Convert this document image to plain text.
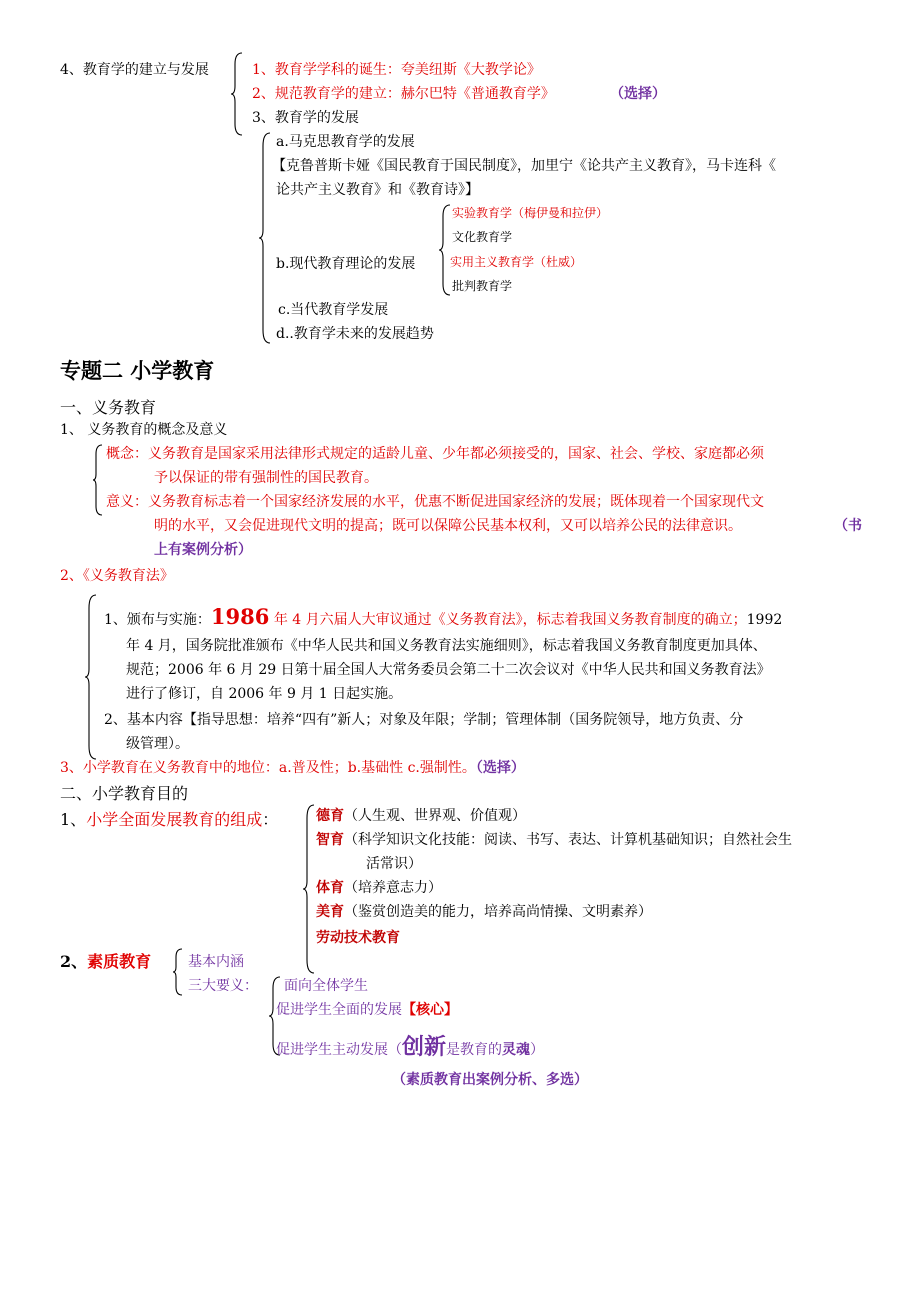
4、教育学的建立与发展	1、教育学学科的诞生：夸美纽斯《大教学论》
2、规范教育学的建立：赫尔巴特《普通教育学》	（选择）
3、教育学的发展
a.马克思教育学的发展
【克鲁普斯卡娅《国民教育于国民制度》，加里宁《论共产主义教育》，马卡连科《
论共产主义教育》和《教育诗》】
b.现代教育理论的发展
实验教育学（梅伊曼和拉伊）
文化教育学
实用主义教育学（杜威）
批判教育学
c.当代教育学发展
d..教育学未来的发展趋势
专题二 小学教育
一、义务教育
1、 义务教育的概念及意义
概念：义务教育是国家采用法律形式规定的适龄儿童、少年都必须接受的，国家、社会、学校、家庭都必须
予以保证的带有强制性的国民教育。
意义：义务教育标志着一个国家经济发展的水平，优惠不断促进国家经济的发展；既体现着一个国家现代文
明的水平，又会促进现代文明的提高；既可以保障公民基本权利，又可以培养公民的法律意识。	（书
上有案例分析）
2、《义务教育法》
1、颁布与实施：1986 年 4 月六届人大审议通过《义务教育法》，标志着我国义务教育制度的确立；1992
年 4 月，国务院批准颁布《中华人民共和国义务教育法实施细则》，标志着我国义务教育制度更加具体、
规范；2006 年 6 月 29 日第十届全国人大常务委员会第二十二次会议对《中华人民共和国义务教育法》
进行了修订，自 2006 年 9 月 1 日起实施。
2、基本内容【指导思想：培养“四有”新人；对象及年限；学制；管理体制（国务院领导，地方负责、分
级管理）。
3、小学教育在义务教育中的地位：a.普及性；b.基础性 c.强制性。（选择）
二、小学教育目的
1、小学全面发展教育的组成：	德育（人生观、世界观、价值观）
智育（科学知识文化技能：阅读、书写、表达、计算机基础知识；自然社会生
活常识）
体育（培养意志力）
美育（鉴赏创造美的能力，培养高尚情操、文明素养）
劳动技术教育
2、素质教育	基本内涵
三大要义： 面向全体学生
促进学生全面的发展【核心】
促进学生主动发展（创新是教育的灵魂）
（素质教育出案例分析、多选）
